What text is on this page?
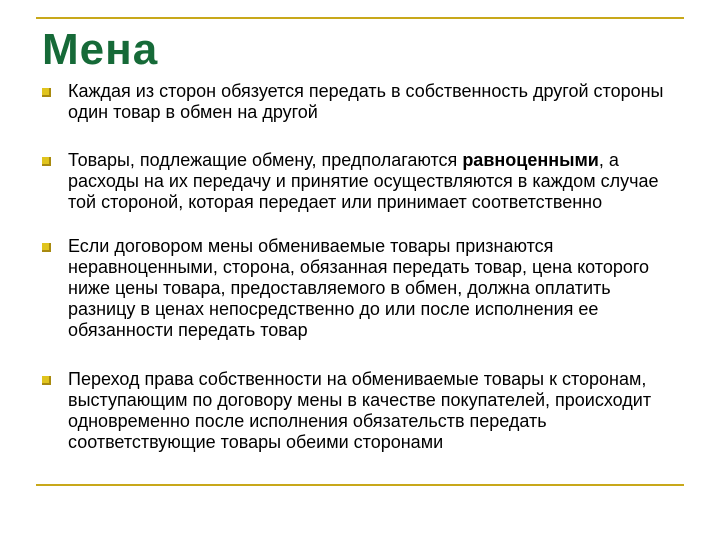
Мена
Каждая из сторон обязуется передать в собственность другой стороны один товар в обмен на другой
Товары, подлежащие обмену, предполагаются равноценными, а расходы на их передачу и принятие осуществляются в каждом случае той стороной, которая передает или принимает соответственно
Если договором мены обмениваемые товары признаются неравноценными, сторона, обязанная передать товар, цена которого ниже цены товара, предоставляемого в обмен, должна оплатить разницу в ценах непосредственно до или после исполнения ее обязанности передать товар
Переход права собственности на обмениваемые товары к сторонам, выступающим по договору мены в качестве покупателей, происходит одновременно после исполнения обязательств передать соответствующие товары обеими сторонами
